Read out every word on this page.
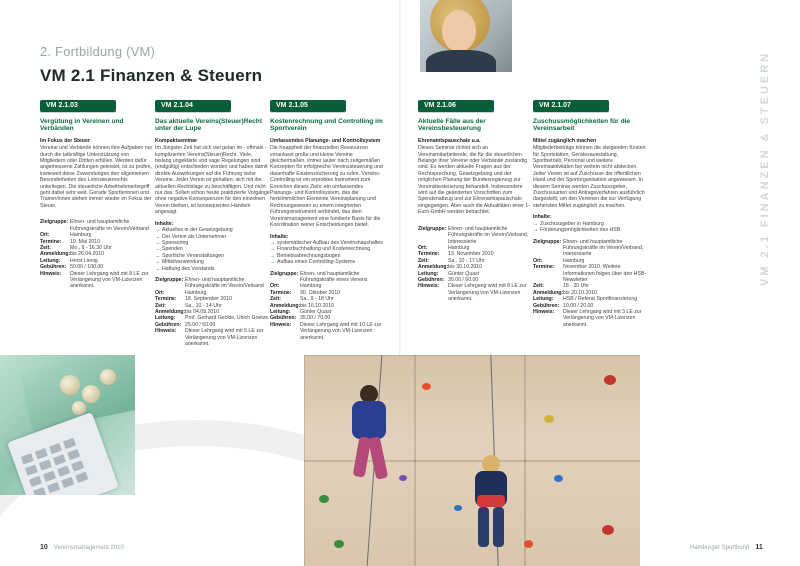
2. Fortbildung (VM)
VM 2.1 Finanzen & Steuern	VM 2.1 FINANZEN & STEUERN
VM 2.1.03	VM 2.1.04	VM 2.1.05	VM 2.1.06	VM 2.1.07
Vergütung in Vereinen und Verbänden
Im Fokus der Steuer

Vereine und Verbände können ihre Aufgaben nur durch die tatkräftige Unterstützung von Mitgliedern oder Dritten erfüllen. Werden dafür angemessene Zahlungen geleistet, ist zu prüfen, inwieweit diese Zuwendungen den allgemeinen Besonderheiten des Lohnsteuerrechts unterliegen. Die steuerliche Arbeitnehmerbegriff geht dabei sehr weit. Gerade Sportlerinnen und Trainer/innen stehen immer wieder im Fokus der Steuer.

Zielgruppe: Ehren- und hauptamtliche Führungskräfte im Verein/Verband
Ort:	Hamburg
Termine:	10. Mai 2010
Zeit:	Mo., 9 - 16.30 Uhr
Anmeldung: bis 26.04.2010
Leitung:	Horst Lienig
Gebühren: 50.00 / 100.00
Hinweis:	Dieser Lehrgang wird mit 8 LE zur Verlängerung von VM-Lizenzen anerkannt.
Das aktuelle Vereins(Steuer)Recht unter der Lupe
Kompaktseminar

Im Jüngster Zeit hat sich viel getan im - oftmals - komplizierten Vereins(Steuer)Recht. Viele, bislang ungeklärte und vage Regelungen sind (endgültig) entschieden worden und haben damit direkte Auswirkungen auf die Führung vieler Vereine. Jeder Verein ist gehalten, sich mit der aktuellen Rechtslage zu beschäftigen. Und nicht nur das. Sollen schon heute praktizierte Vorgänge ohne negative Konsequenzen für den einzelnen Verein bleiben, ist konsequentes Handeln angesagt.

Inhalte:
→ Aktuelles in der Gesetzgebung
→ Der Verein als Unternehmer
→ Sponsoring
→ Spenden
→ Sportliche Veranstaltungen
→ Mitteilverwendung
→ Haftung des Vorstands
Zielgruppe: Ehren- und hauptamtliche Führungskräfte im Verein/Verband
Ort:	Hamburg
Termine:	18. September 2010
Zeit:	Sa., 10 - 14 Uhr
Anmeldung: bis 04.09.2010
Leitung:	Prof. Gerhard Geckle, Ulrich Goetze
Gebühren: 25.00 / 50.00
Hinweis:	Dieser Lehrgang wird mit 5 LE zur Verlängerung von VM-Lizenzen anerkannt.
Kostenrechnung und Controlling im Sportverein
Umfassendes Planungs- und Kontrollsystem

Die Knappheit der finanziellen Ressourcen veranlasst große und kleine Vereine gleichermaßen, immer lauter nach zeitgemäßen Konzepten für erfolgreiche Vereinssteuerung und dauerhafte Existenzsicherung zu rufen. Vereins-Controlling ist ein erprobtes Instrument zum Erreichen dieses Ziels: ein umfassendes Planungs- und Kontrollsystem, das die herkömmlichen Elemente Vereinsplanung und Rechnungswesen zu einem integrierten Führungsinstrument verbindet, das dem Vereinsmanagement eine fundierte Basis für die Koordination seiner Entscheidungen bietet.

Inhalte:
→ systematischer Aufbau des Vereinshaushaltes
→ Finanzbuchhaltung und Kostenrechnung
→ Betriebsabrechnungsbogen
→ Aufbau eines Controlling-Systems
Zielgruppe: Ehren- und hauptamtliche Führungskräfte eines Vereins
Ort:	Hamburg
Termine:	30. Oktober 2010
Zeit:	Sa., 9 - 18 Uhr
Anmeldung: bis 16.10.2010
Leitung:	Günter Quast
Gebühren: 35.00 / 70.00
Hinweis:	Dieser Lehrgang wird mit 10 LE zur Verlängerung von VM-Lizenzen anerkannt.
Aktuelle Fälle aus der Vereinsbesteuerung
Ehrenamtspauschale u.a.

Dieses Seminar richtet sich an Vereinsmitarbeitende, die für die steuerlichen Belange ihrer Vereine oder Verbände zuständig sind. Es werden aktuelle Fragen aus der Rechtsprechung, Gesetzgebung und der möglichen Planung der Bundesregierung zur Vereinsbesteuerung behandelt. Insbesondere wird auf die geänderten Vorschriften zum Spendenabzug und zur Ehrenamtspauschale eingegangen. Aber auch die Aktualitäten einer 1-Euro-GmbH werden betrachtet.

Zielgruppe: Ehren- und hauptamtliche Führungskräfte im Verein/Verband, Interessierte
Ort:	Hamburg
Termine:	13. November 2010
Zeit:	Sa., 10 - 17 Uhr
Anmeldung: bis 30.10.2010
Leitung:	Günter Quast
Gebühren: 30.00 / 60.00
Hinweis:	Dieser Lehrgang wird mit 8 LE zur Verlängerung von VM-Lizenzen anerkannt.
Zuschussmöglichkeiten für die Vereinsarbeit
Mittel zugänglich machen

Mitgliederbeiträge können die steigenden Kosten für Sportstätten, Gerätesausstattung, Sportbetrieb, Personal und weitere Vereinsaktivitäten bei weitem nicht abdecken. Jeder Verein ist auf Zuschüsse der öffentlichen Hand und der Sportorganisation angewiesen. In diesem Seminar werden Zuschussgeber, Zuschussarten und Antragsverfahren ausführlich dargestellt, um den Vereinen die zur Verfügung stehenden Mittel zugänglich zu machen.

Inhalte:
→ Zuschussgeber in Hamburg
→ Förderungsmöglichkeiten des HSB
Zielgruppe: Ehren- und hauptamtliche Führungskräfte im Verein/Verband, Interessierte
Ort:	Hamburg
Termine:	November 2010. Weitere Informationen folgen über den HSB-Newsletter
Zeit:	18 - 20 Uhr
Anmeldung: bis 20.10.2010
Leitung:	HSB / Referat Sportfinanzierung
Gebühren: 10.00 / 20.00
Hinweis:	Dieser Lehrgang wird mit 3 LE zur Verlängerung von VM-Lizenzen anerkannt.
10 Vereinsmanagement 2010	Hamburger Sportbund 11
